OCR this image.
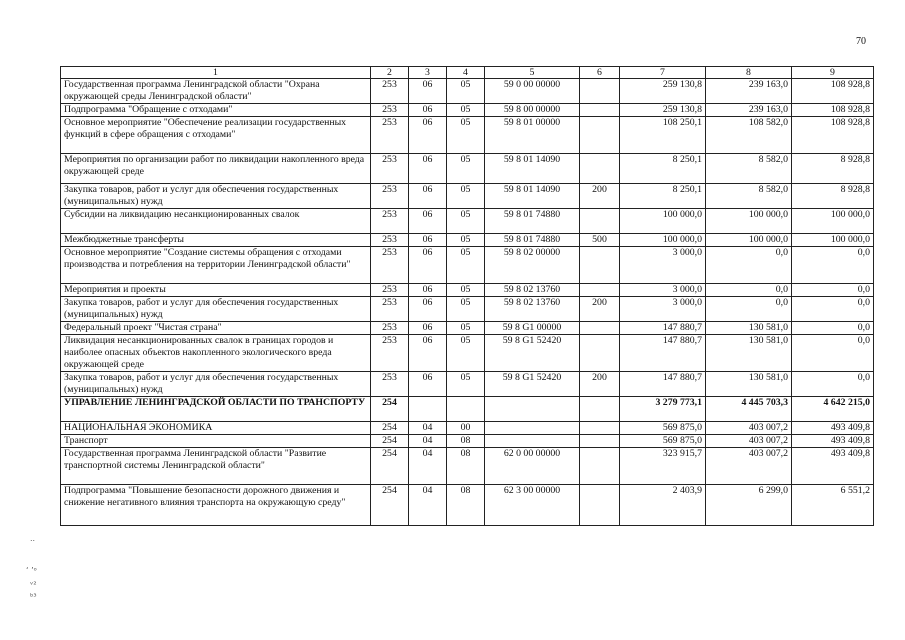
70
..
‘ ’ᵒ
ᵛ²
ᵇ³
1	2	3	4	5	6	7	8	9
Государственная программа Ленинградской области "Охрана окружающей среды Ленинградской области"	253	06	05	59 0 00 00000		259 130,8	239 163,0	108 928,8
Подпрограмма "Обращение с отходами"	253	06	05	59 8 00 00000		259 130,8	239 163,0	108 928,8
Основное мероприятие "Обеспечение реализации государственных функций в сфере обращения с отходами"	253	06	05	59 8 01 00000		108 250,1	108 582,0	108 928,8
Мероприятия по организации работ по ликвидации накопленного вреда окружающей среде	253	06	05	59 8 01 14090		8 250,1	8 582,0	8 928,8
Закупка товаров, работ и услуг для обеспечения государственных (муниципальных) нужд	253	06	05	59 8 01 14090	200	8 250,1	8 582,0	8 928,8
Субсидии на ликвидацию несанкционированных свалок	253	06	05	59 8 01 74880		100 000,0	100 000,0	100 000,0
Межбюджетные трансферты	253	06	05	59 8 01 74880	500	100 000,0	100 000,0	100 000,0
Основное мероприятие "Создание системы обращения с отходами производства и потребления на территории Ленинградской области"	253	06	05	59 8 02 00000		3 000,0	0,0	0,0
Мероприятия и проекты	253	06	05	59 8 02 13760		3 000,0	0,0	0,0
Закупка товаров, работ и услуг для обеспечения государственных (муниципальных) нужд	253	06	05	59 8 02 13760	200	3 000,0	0,0	0,0
Федеральный проект "Чистая страна"	253	06	05	59 8 G1 00000		147 880,7	130 581,0	0,0
Ликвидация несанкционированных свалок в границах городов и наиболее опасных объектов накопленного экологического вреда окружающей среде	253	06	05	59 8 G1 52420		147 880,7	130 581,0	0,0
Закупка товаров, работ и услуг для обеспечения государственных (муниципальных) нужд	253	06	05	59 8 G1 52420	200	147 880,7	130 581,0	0,0
УПРАВЛЕНИЕ ЛЕНИНГРАДСКОЙ ОБЛАСТИ ПО ТРАНСПОРТУ	254					3 279 773,1	4 445 703,3	4 642 215,0
НАЦИОНАЛЬНАЯ ЭКОНОМИКА	254	04	00			569 875,0	403 007,2	493 409,8
Транспорт	254	04	08			569 875,0	403 007,2	493 409,8
Государственная программа Ленинградской области "Развитие транспортной системы Ленинградской области"	254	04	08	62 0 00 00000		323 915,7	403 007,2	493 409,8
Подпрограмма "Повышение безопасности дорожного движения и снижение негативного влияния транспорта на окружающую среду"	254	04	08	62 3 00 00000		2 403,9	6 299,0	6 551,2
